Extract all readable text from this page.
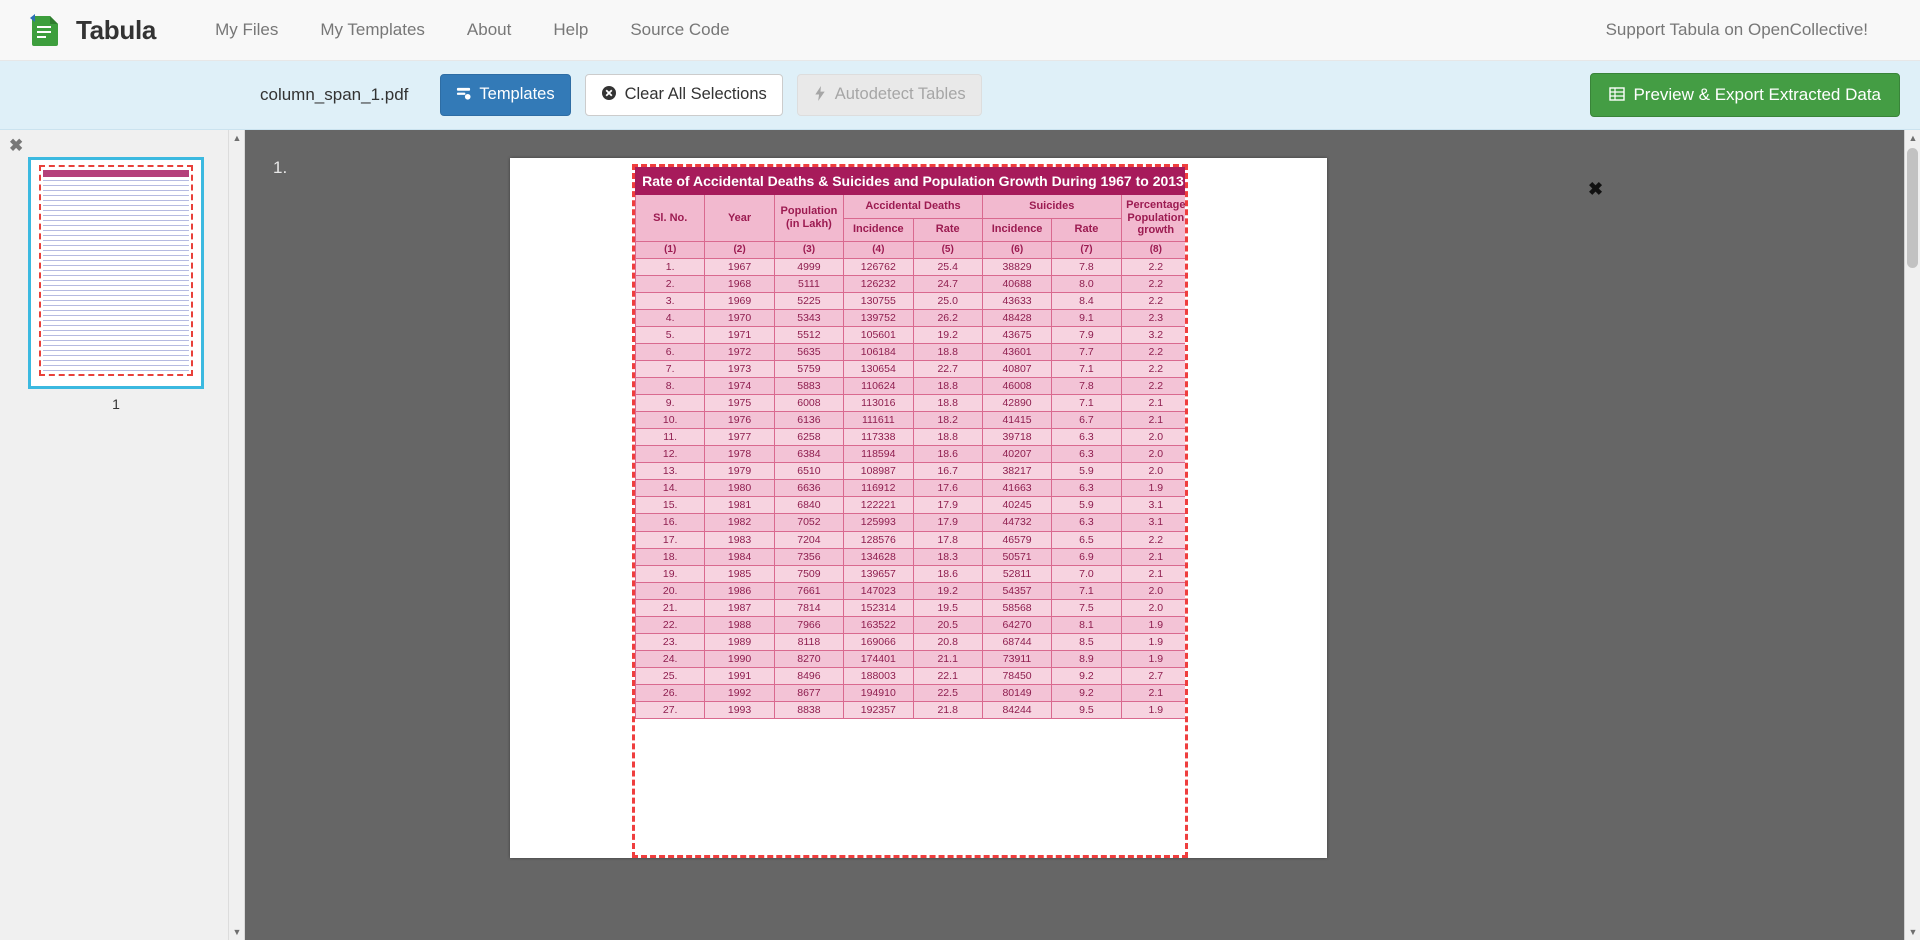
Tabula	My Files	My Templates	About	Help	Source Code	Support Tabula on OpenCollective!
column_span_1.pdf	Templates	Clear All Selections	Autodetect Tables	Preview & Export Extracted Data
✖
1
▲
▼
1.
✖
Rate of Accidental Deaths & Suicides and Population Growth During 1967 to 2013							
Sl. No.	Year	Population (in Lakh)	Accidental Deaths		Suicides		Percentage Population growth
			Incidence	Rate	Incidence	Rate	
(1)	(2)	(3)	(4)	(5)	(6)	(7)	(8)
1.	1967	4999	126762	25.4	38829	7.8	2.2
2.	1968	5111	126232	24.7	40688	8.0	2.2
3.	1969	5225	130755	25.0	43633	8.4	2.2
4.	1970	5343	139752	26.2	48428	9.1	2.3
5.	1971	5512	105601	19.2	43675	7.9	3.2
6.	1972	5635	106184	18.8	43601	7.7	2.2
7.	1973	5759	130654	22.7	40807	7.1	2.2
8.	1974	5883	110624	18.8	46008	7.8	2.2
9.	1975	6008	113016	18.8	42890	7.1	2.1
10.	1976	6136	111611	18.2	41415	6.7	2.1
11.	1977	6258	117338	18.8	39718	6.3	2.0
12.	1978	6384	118594	18.6	40207	6.3	2.0
13.	1979	6510	108987	16.7	38217	5.9	2.0
14.	1980	6636	116912	17.6	41663	6.3	1.9
15.	1981	6840	122221	17.9	40245	5.9	3.1
16.	1982	7052	125993	17.9	44732	6.3	3.1
17.	1983	7204	128576	17.8	46579	6.5	2.2
18.	1984	7356	134628	18.3	50571	6.9	2.1
19.	1985	7509	139657	18.6	52811	7.0	2.1
20.	1986	7661	147023	19.2	54357	7.1	2.0
21.	1987	7814	152314	19.5	58568	7.5	2.0
22.	1988	7966	163522	20.5	64270	8.1	1.9
23.	1989	8118	169066	20.8	68744	8.5	1.9
24.	1990	8270	174401	21.1	73911	8.9	1.9
25.	1991	8496	188003	22.1	78450	9.2	2.7
26.	1992	8677	194910	22.5	80149	9.2	2.1
27.	1993	8838	192357	21.8	84244	9.5	1.9
▲
▼
